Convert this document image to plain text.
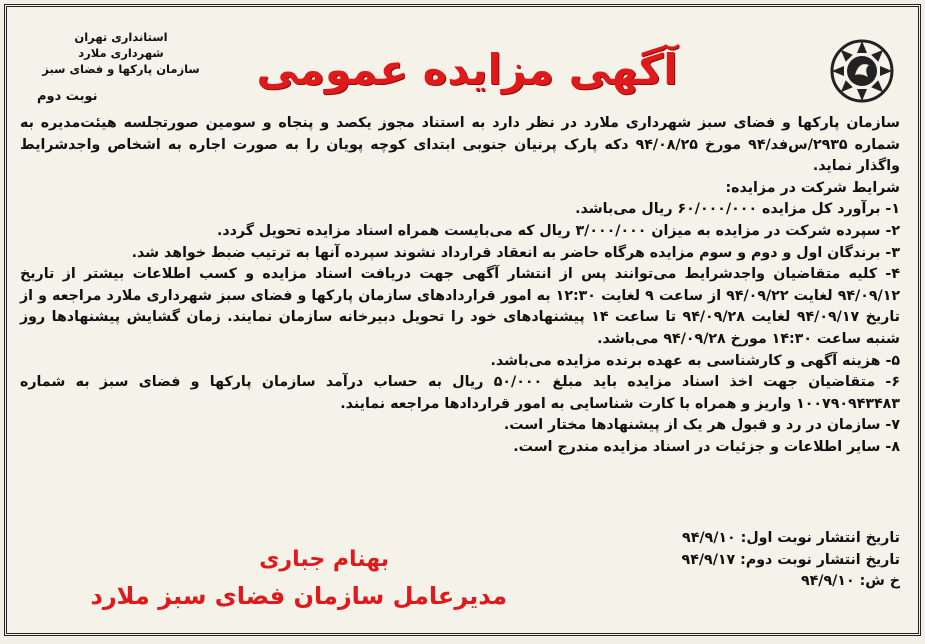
استانداری تهران
شهرداری ملارد
سازمان پارکها و فضای سبز	آگهی مزایده عمومی
نوبت دوم

سازمان پارکها و فضای سبز شهرداری ملارد در نظر دارد به استناد مجوز یکصد و پنجاه و سومین صورتجلسه هیئت‌مدیره به شماره ۲۹۳۵/س‌فد/۹۴ مورخ ۹۴/۰۸/۲۵ دکه پارک پرنیان جنوبی ابتدای کوچه پویان را به صورت اجاره به اشخاص واجدشرایط واگذار نماید.

شرایط شرکت در مزایده:

۱- برآورد کل مزایده ۶۰/۰۰۰/۰۰۰ ریال می‌باشد.

۲- سپرده شرکت در مزایده به میزان ۳/۰۰۰/۰۰۰ ریال که می‌بایست همراه اسناد مزایده تحویل گردد.

۳- برندگان اول و دوم و سوم مزایده هرگاه حاضر به انعقاد قرارداد نشوند سپرده آنها به ترتیب ضبط خواهد شد.

۴- کلیه متقاضیان واجدشرایط می‌توانند پس از انتشار آگهی جهت دریافت اسناد مزایده و کسب اطلاعات بیشتر از تاریخ ۹۴/۰۹/۱۲ لغایت ۹۴/۰۹/۲۲ از ساعت ۹ لغایت ۱۲:۳۰ به امور قراردادهای سازمان پارکها و فضای سبز شهرداری ملارد مراجعه و از تاریخ ۹۴/۰۹/۱۷ لغایت ۹۴/۰۹/۲۸ تا ساعت ۱۴ پیشنهادهای خود را تحویل دبیرخانه سازمان نمایند. زمان گشایش پیشنهادها روز شنبه ساعت ۱۴:۳۰ مورخ ۹۴/۰۹/۲۸ می‌باشد.

۵- هزینه آگهی و کارشناسی به عهده برنده مزایده می‌باشد.

۶- متقاضیان جهت اخذ اسناد مزایده باید مبلغ ۵۰/۰۰۰ ریال به حساب درآمد سازمان پارکها و فضای سبز به شماره ۱۰۰۷۹۰۹۴۳۴۸۳ واریز و همراه با کارت شناسایی به امور قراردادها مراجعه نمایند.

۷- سازمان در رد و قبول هر یک از پیشنهادها مختار است.

۸- سایر اطلاعات و جزئیات در اسناد مزایده مندرج است.

تاریخ انتشار نوبت اول: ۹۴/۹/۱۰

تاریخ انتشار نوبت دوم: ۹۴/۹/۱۷

خ ش: ۹۴/۹/۱۰

بهنام جباری
مدیرعامل سازمان فضای سبز ملارد
